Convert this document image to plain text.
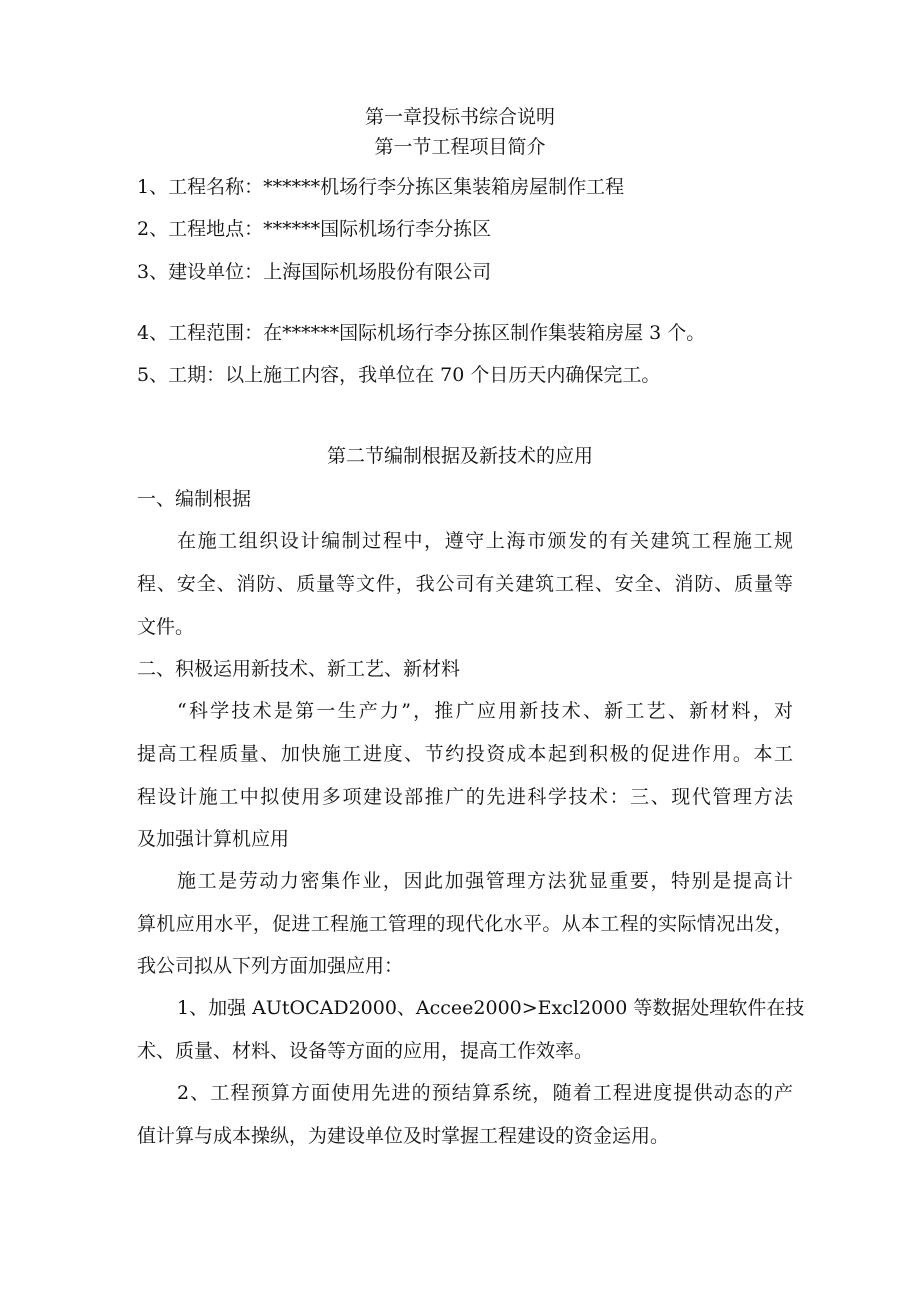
第一章投标书综合说明
第一节工程项目简介
1、工程名称：******机场行李分拣区集装箱房屋制作工程
2、工程地点：******国际机场行李分拣区
3、建设单位：上海国际机场股份有限公司
4、工程范围：在******国际机场行李分拣区制作集装箱房屋 3 个。
5、工期：以上施工内容，我单位在 70 个日历天内确保完工。
第二节编制根据及新技术的应用
一、编制根据
在施工组织设计编制过程中，遵守上海市颁发的有关建筑工程施工规
程、安全、消防、质量等文件，我公司有关建筑工程、安全、消防、质量等
文件。
二、积极运用新技术、新工艺、新材料
“科学技术是第一生产力”，推广应用新技术、新工艺、新材料，对
提高工程质量、加快施工进度、节约投资成本起到积极的促进作用。本工
程设计施工中拟使用多项建设部推广的先进科学技术：三、现代管理方法
及加强计算机应用
施工是劳动力密集作业，因此加强管理方法犹显重要，特别是提高计
算机应用水平，促进工程施工管理的现代化水平。从本工程的实际情况出发，
我公司拟从下列方面加强应用：
1、加强 AUtOCAD2000、Accee2000>Excl2000 等数据处理软件在技
术、质量、材料、设备等方面的应用，提高工作效率。
2、工程预算方面使用先进的预结算系统，随着工程进度提供动态的产
值计算与成本操纵，为建设单位及时掌握工程建设的资金运用。
